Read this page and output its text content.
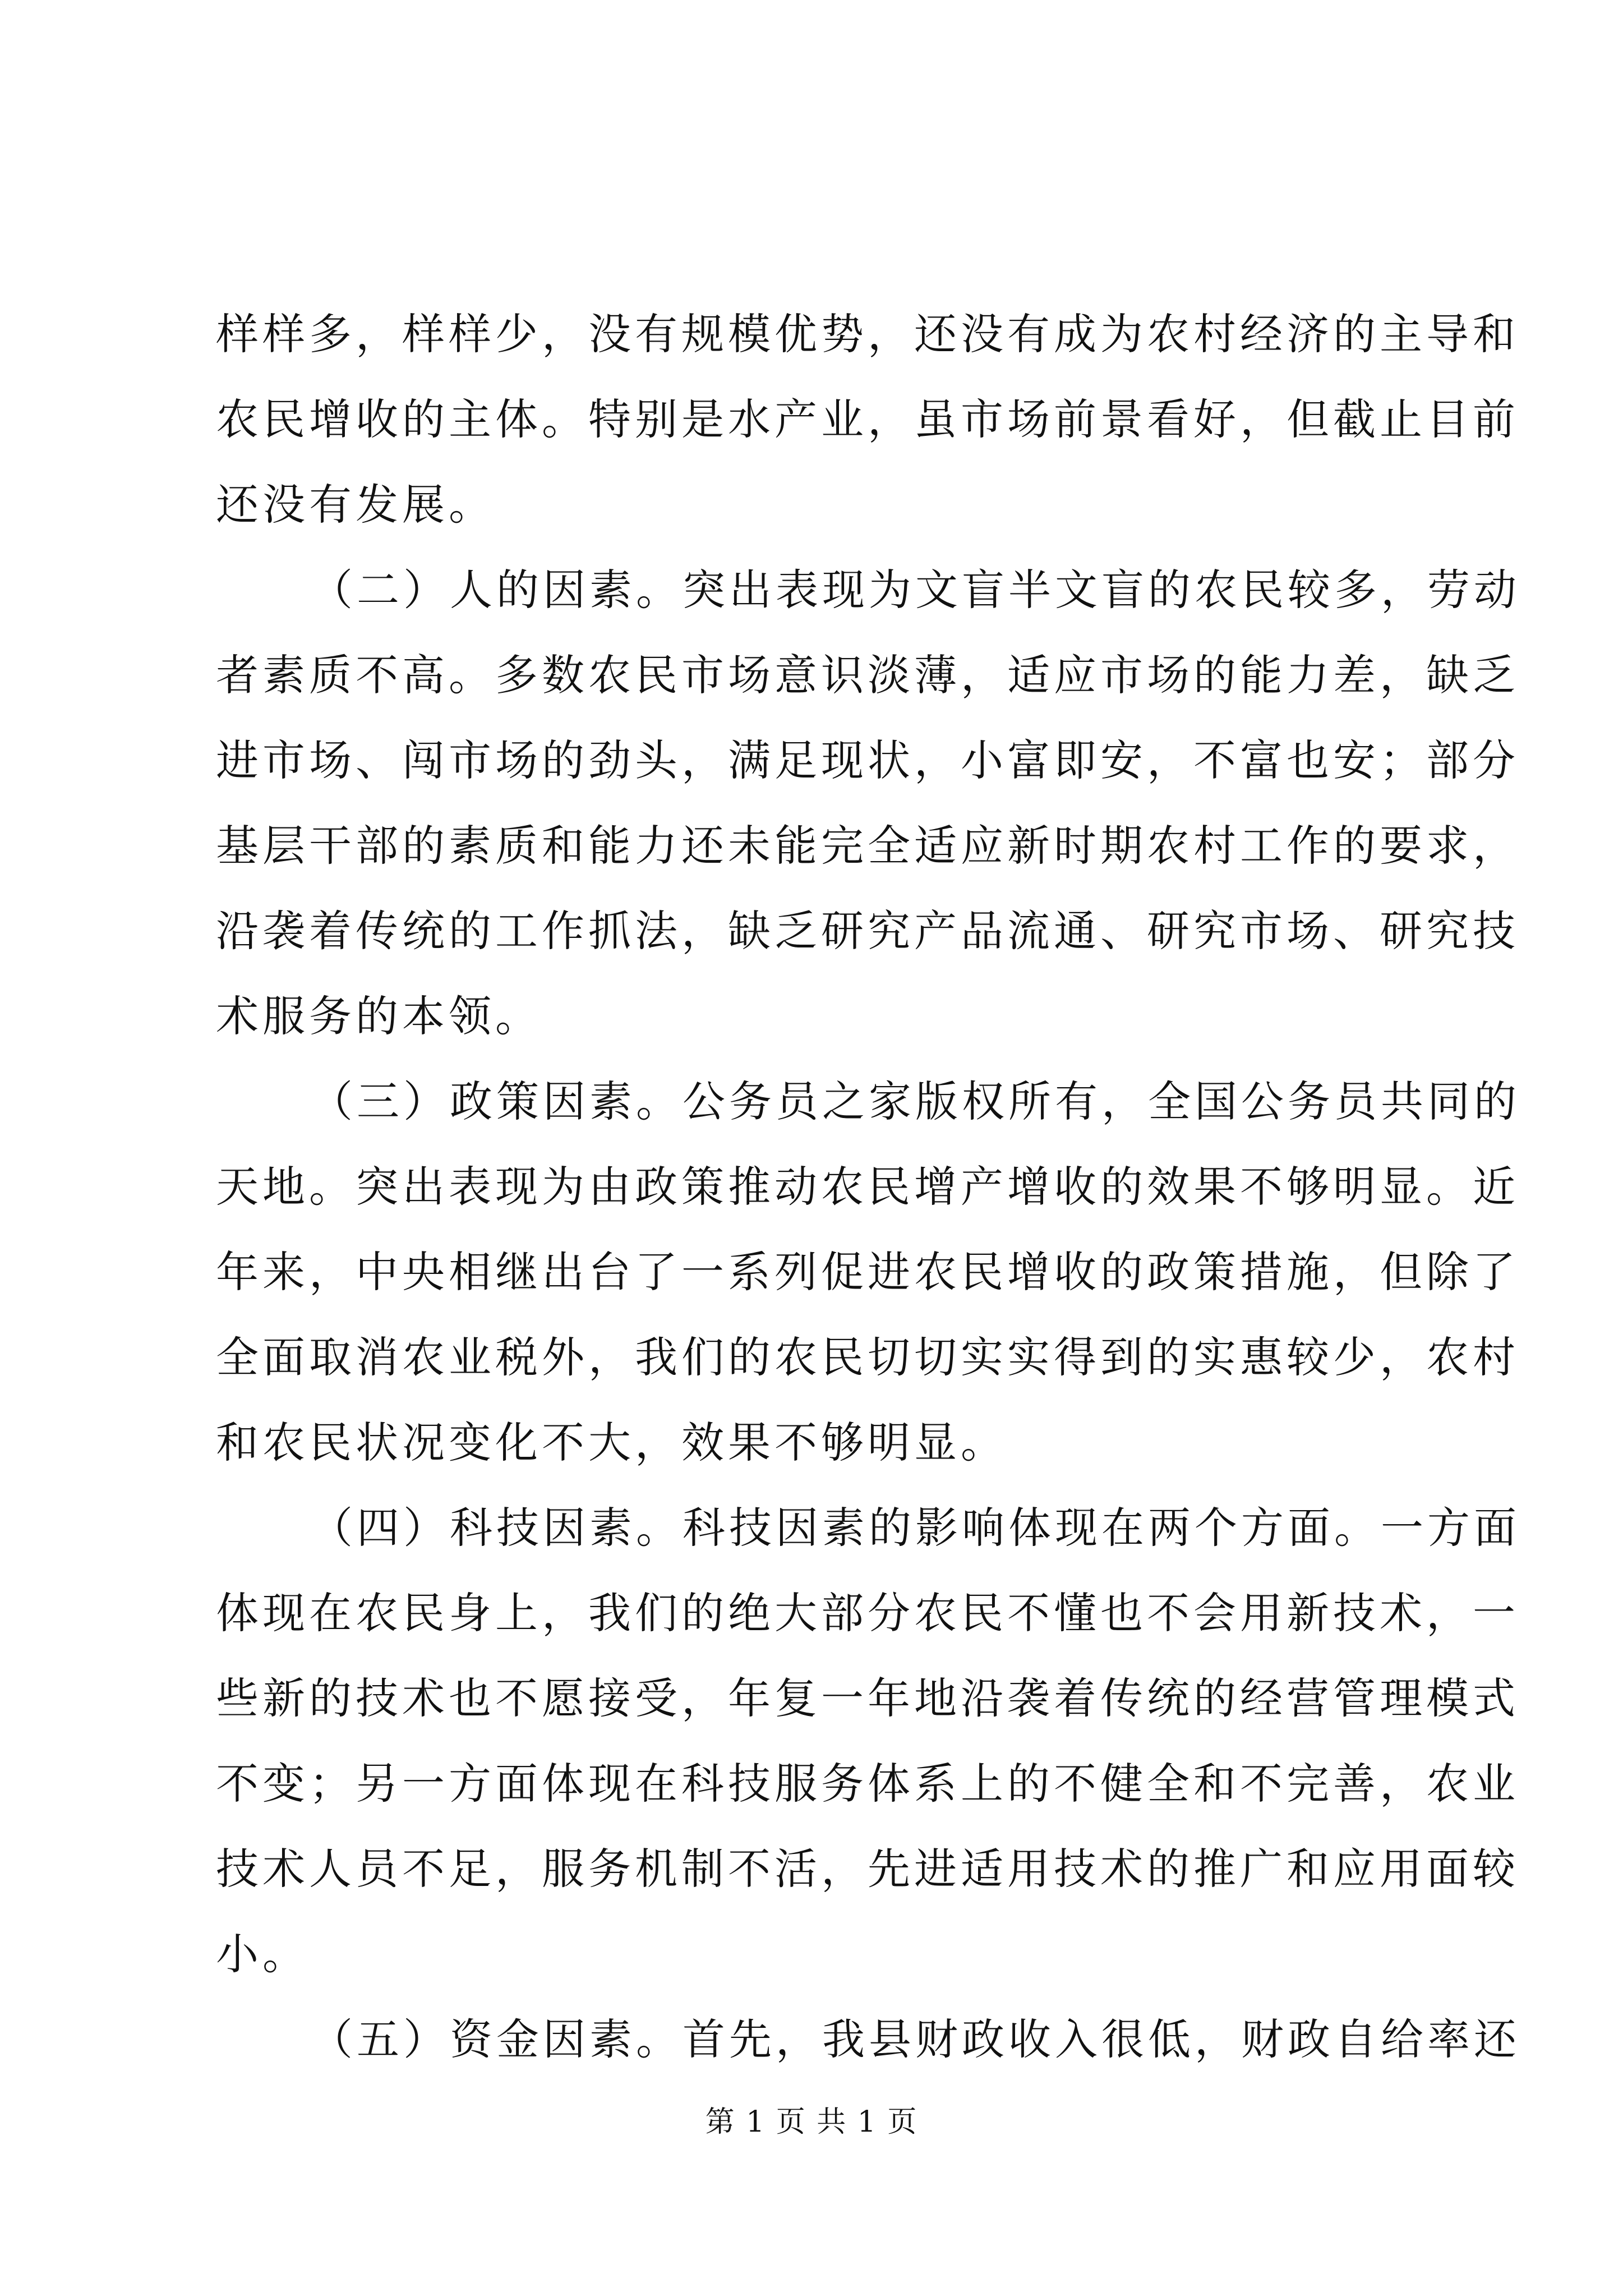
样样多，样样少，没有规模优势，还没有成为农村经济的主导和
农民增收的主体。特别是水产业，虽市场前景看好，但截止目前
还没有发展。
（二）人的因素。突出表现为文盲半文盲的农民较多，劳动
者素质不高。多数农民市场意识淡薄，适应市场的能力差，缺乏
进市场、闯市场的劲头，满足现状，小富即安，不富也安；部分
基层干部的素质和能力还未能完全适应新时期农村工作的要求，
沿袭着传统的工作抓法，缺乏研究产品流通、研究市场、研究技
术服务的本领。
（三）政策因素。公务员之家版权所有，全国公务员共同的
天地。突出表现为由政策推动农民增产增收的效果不够明显。近
年来，中央相继出台了一系列促进农民增收的政策措施，但除了
全面取消农业税外，我们的农民切切实实得到的实惠较少，农村
和农民状况变化不大，效果不够明显。
（四）科技因素。科技因素的影响体现在两个方面。一方面
体现在农民身上，我们的绝大部分农民不懂也不会用新技术，一
些新的技术也不愿接受，年复一年地沿袭着传统的经营管理模式
不变；另一方面体现在科技服务体系上的不健全和不完善，农业
技术人员不足，服务机制不活，先进适用技术的推广和应用面较
小。
（五）资金因素。首先，我县财政收入很低，财政自给率还
第 1 页 共 1 页
